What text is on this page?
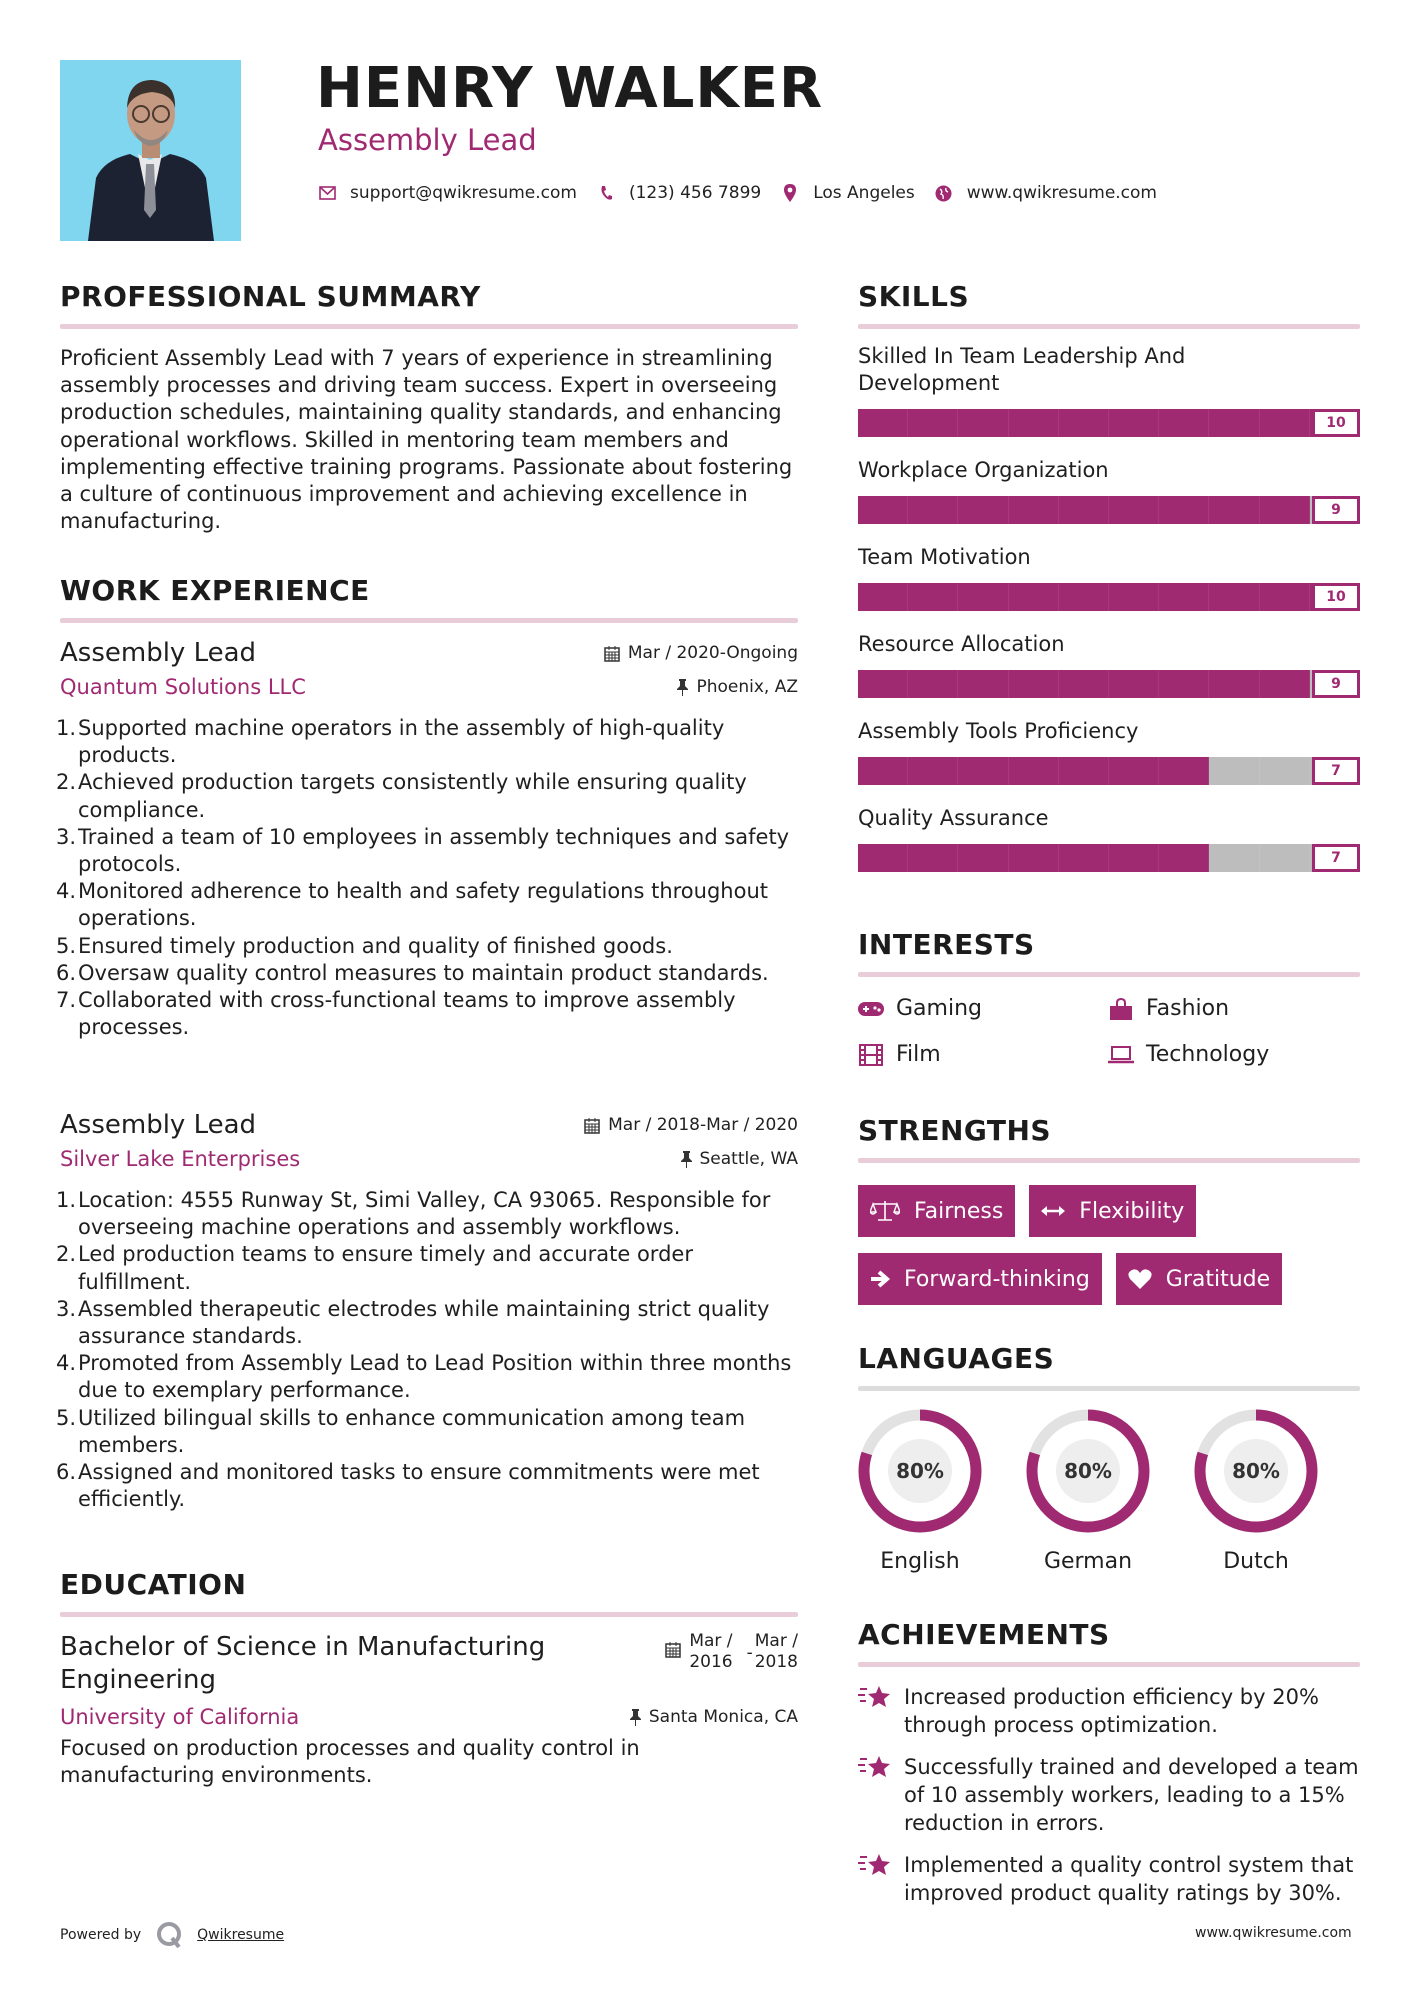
HENRY WALKER
Assembly Lead
support@qwikresume.com	(123) 456 7899	Los Angeles	www.qwikresume.com
PROFESSIONAL SUMMARY
Proficient Assembly Lead with 7 years of experience in streamlining assembly processes and driving team success. Expert in overseeing production schedules, maintaining quality standards, and enhancing operational workflows. Skilled in mentoring team members and implementing effective training programs. Passionate about fostering a culture of continuous improvement and achieving excellence in manufacturing.
WORK EXPERIENCE
Assembly Lead	Mar / 2020-Ongoing
Quantum Solutions LLC	Phoenix, AZ
Supported machine operators in the assembly of high-quality products.
Achieved production targets consistently while ensuring quality compliance.
Trained a team of 10 employees in assembly techniques and safety protocols.
Monitored adherence to health and safety regulations throughout operations.
Ensured timely production and quality of finished goods.
Oversaw quality control measures to maintain product standards.
Collaborated with cross-functional teams to improve assembly processes.
Assembly Lead	Mar / 2018-Mar / 2020
Silver Lake Enterprises	Seattle, WA
Location: 4555 Runway St, Simi Valley, CA 93065. Responsible for overseeing machine operations and assembly workflows.
Led production teams to ensure timely and accurate order fulfillment.
Assembled therapeutic electrodes while maintaining strict quality assurance standards.
Promoted from Assembly Lead to Lead Position within three months due to exemplary performance.
Utilized bilingual skills to enhance communication among team members.
Assigned and monitored tasks to ensure commitments were met efficiently.
EDUCATION
Bachelor of Science in Manufacturing Engineering
Mar /
2016 -
Mar /
2018
University of California	Santa Monica, CA
Focused on production processes and quality control in manufacturing environments.
SKILLS
Skilled In Team Leadership And Development
10
Workplace Organization
9
Team Motivation
10
Resource Allocation
9
Assembly Tools Proficiency
7
Quality Assurance
7
INTERESTS
Gaming	Fashion
Film	Technology
STRENGTHS
Fairness	Flexibility
Forward-thinking	Gratitude
LANGUAGES
80%
English
80%
German
80%
Dutch
ACHIEVEMENTS
Increased production efficiency by 20% through process optimization.
Successfully trained and developed a team of 10 assembly workers, leading to a 15% reduction in errors.
Implemented a quality control system that improved product quality ratings by 30%.
Powered by	Qwikresume	www.qwikresume.com
